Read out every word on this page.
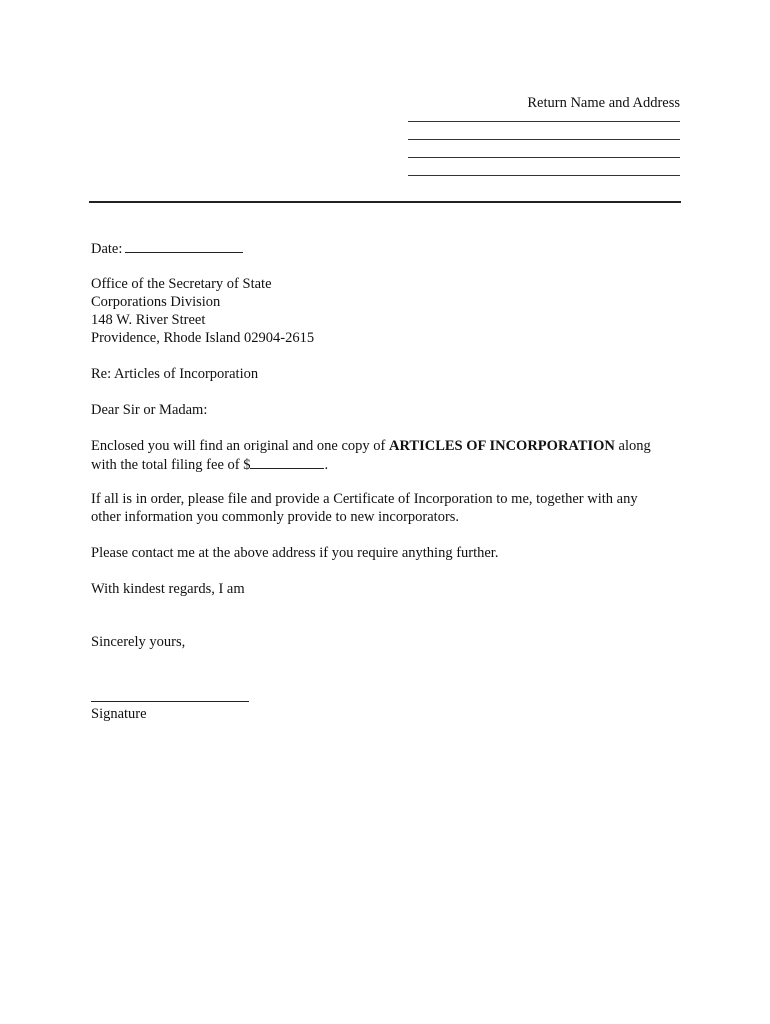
Return Name and Address

Date:

Office of the Secretary of State
Corporations Division
148 W. River Street
Providence, Rhode Island 02904-2615

Re: Articles of Incorporation

Dear Sir or Madam:

Enclosed you will find an original and one copy of ARTICLES OF INCORPORATION along
with the total filing fee of $	.
If all is in order, please file and provide a Certificate of Incorporation to me, together with any
other information you commonly provide to new incorporators.

Please contact me at the above address if you require anything further.

With kindest regards, I am

Sincerely yours,

Signature
